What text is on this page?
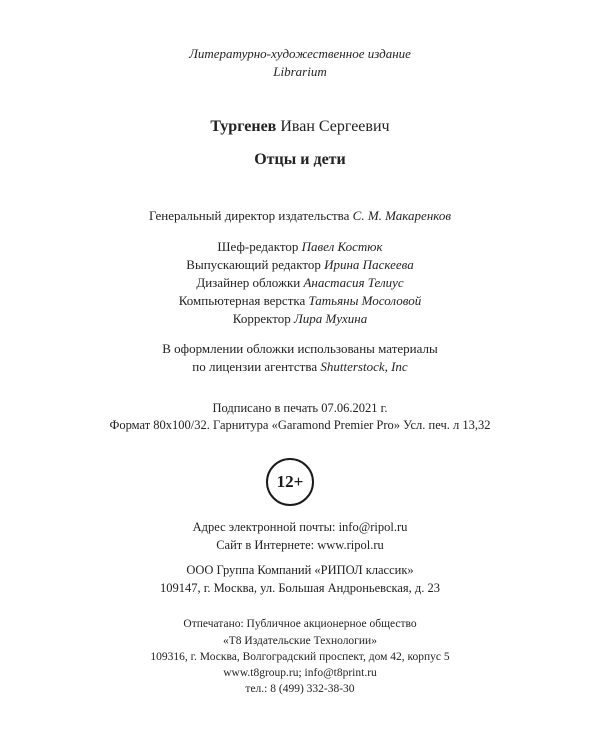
Литературно-художественное издание
Librarium
Тургенев Иван Сергеевич
Отцы и дети
Генеральный директор издательства С. М. Макаренков
Шеф-редактор Павел Костюк
Выпускающий редактор Ирина Паскеева
Дизайнер обложки Анастасия Телиус
Компьютерная верстка Татьяны Мосоловой
Корректор Лира Мухина
В оформлении обложки использованы материалы
по лицензии агентства Shutterstock, Inc
Подписано в печать 07.06.2021 г.
Формат 80х100/32. Гарнитура «Garamond Premier Pro» Усл. печ. л 13,32
12+
Адрес электронной почты: info@ripol.ru
Сайт в Интернете: www.ripol.ru
ООО Группа Компаний «РИПОЛ классик»
109147, г. Москва, ул. Большая Андроньевская, д. 23
Отпечатано: Публичное акционерное общество
«Т8 Издательские Технологии»
109316, г. Москва, Волгоградский проспект, дом 42, корпус 5
www.t8group.ru; info@t8print.ru
тел.: 8 (499) 332-38-30
